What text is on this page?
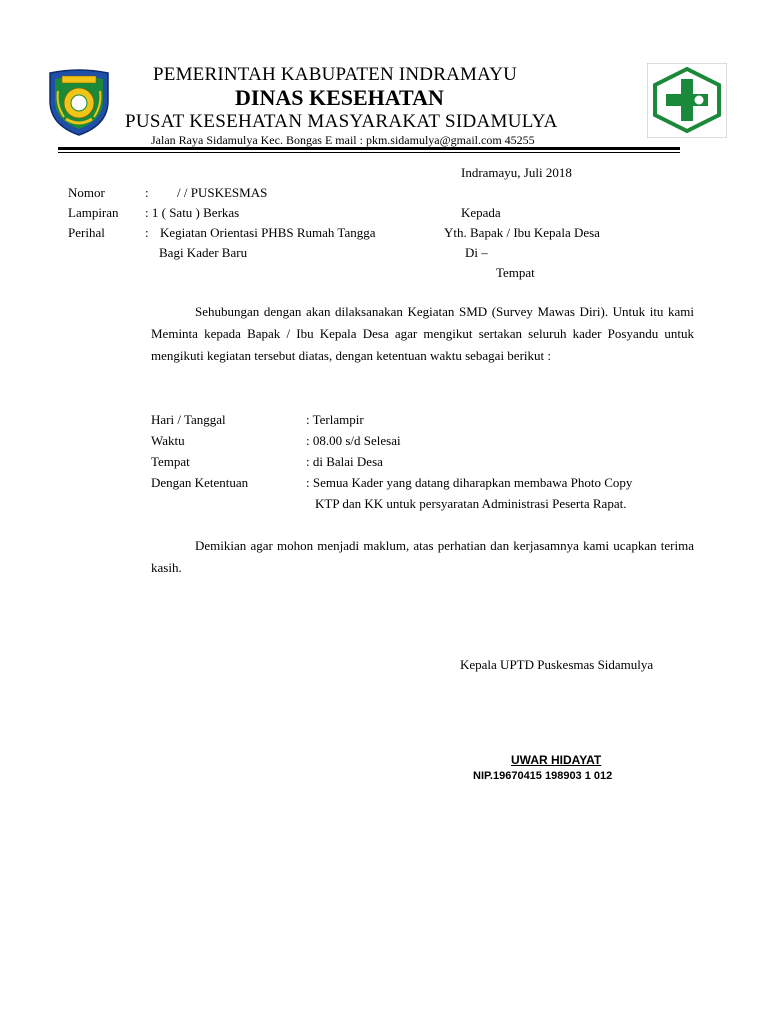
PEMERINTAH KABUPATEN INDRAMAYU
DINAS KESEHATAN
PUSAT KESEHATAN MASYARAKAT SIDAMULYA
Jalan Raya Sidamulya Kec. Bongas E mail : pkm.sidamulya@gmail.com 45255
Indramayu, Juli 2018
Nomor	: / / PUSKESMAS
Lampiran : 1 ( Satu ) Berkas	Kepada
Perihal	: Kegiatan Orientasi PHBS Rumah Tangga	Yth. Bapak / Ibu Kepala Desa
Bagi Kader Baru	Di –
Tempat
Sehubungan dengan akan dilaksanakan Kegiatan SMD (Survey Mawas Diri). Untuk itu kami Meminta kepada Bapak / Ibu Kepala Desa agar mengikut sertakan seluruh kader Posyandu untuk mengikuti kegiatan tersebut diatas, dengan ketentuan waktu sebagai berikut :
Hari / Tanggal	: Terlampir
Waktu	: 08.00 s/d Selesai
Tempat	: di Balai Desa
Dengan Ketentuan	: Semua Kader yang datang diharapkan membawa Photo Copy
KTP dan KK untuk persyaratan Administrasi Peserta Rapat.
Demikian agar mohon menjadi maklum, atas perhatian dan kerjasamnya kami ucapkan terima kasih.
Kepala UPTD Puskesmas Sidamulya
UWAR HIDAYAT
NIP.19670415 198903 1 012
